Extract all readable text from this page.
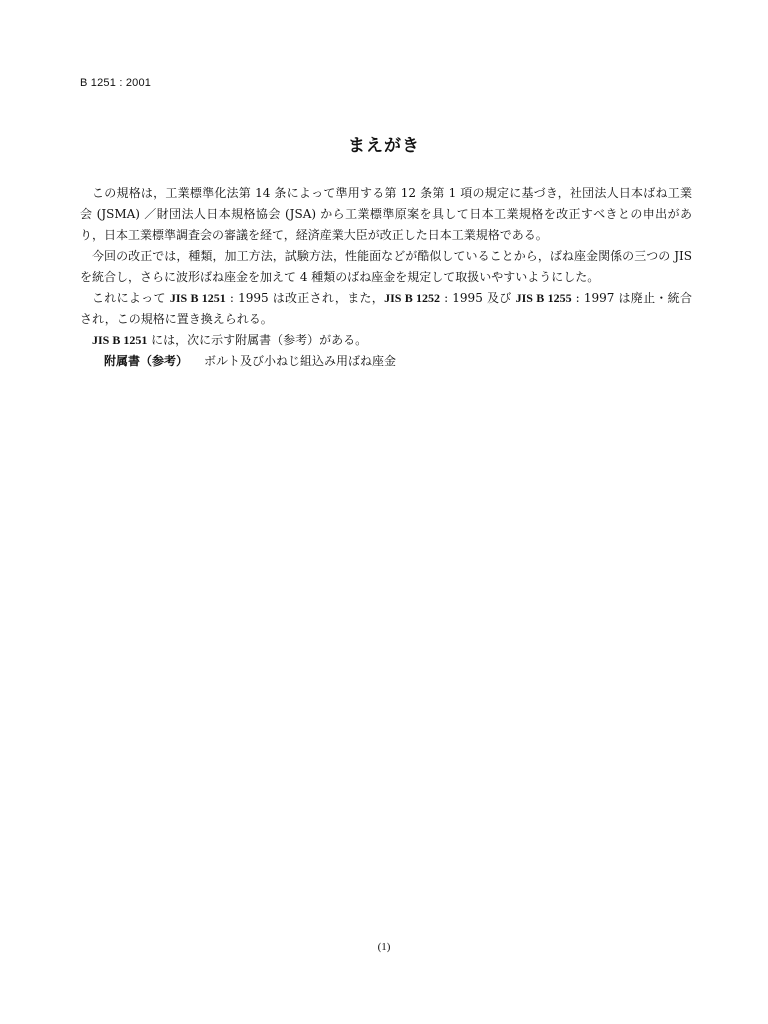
B 1251 : 2001
まえがき

この規格は，工業標準化法第 14 条によって準用する第 12 条第 1 項の規定に基づき，社団法人日本ばね工業会 (JSMA) ／財団法人日本規格協会 (JSA) から工業標準原案を具して日本工業規格を改正すべきとの申出があり，日本工業標準調査会の審議を経て，経済産業大臣が改正した日本工業規格である。

今回の改正では，種類，加工方法，試験方法，性能面などが酷似していることから，ばね座金関係の三つの JIS を統合し，さらに波形ばね座金を加えて 4 種類のばね座金を規定して取扱いやすいようにした。

これによって JIS B 1251 : 1995 は改正され，また，JIS B 1252 : 1995 及び JIS B 1255 : 1997 は廃止・統合され，この規格に置き換えられる。

JIS B 1251 には，次に示す附属書（参考）がある。

附属書（参考） ボルト及び小ねじ組込み用ばね座金

(1)
